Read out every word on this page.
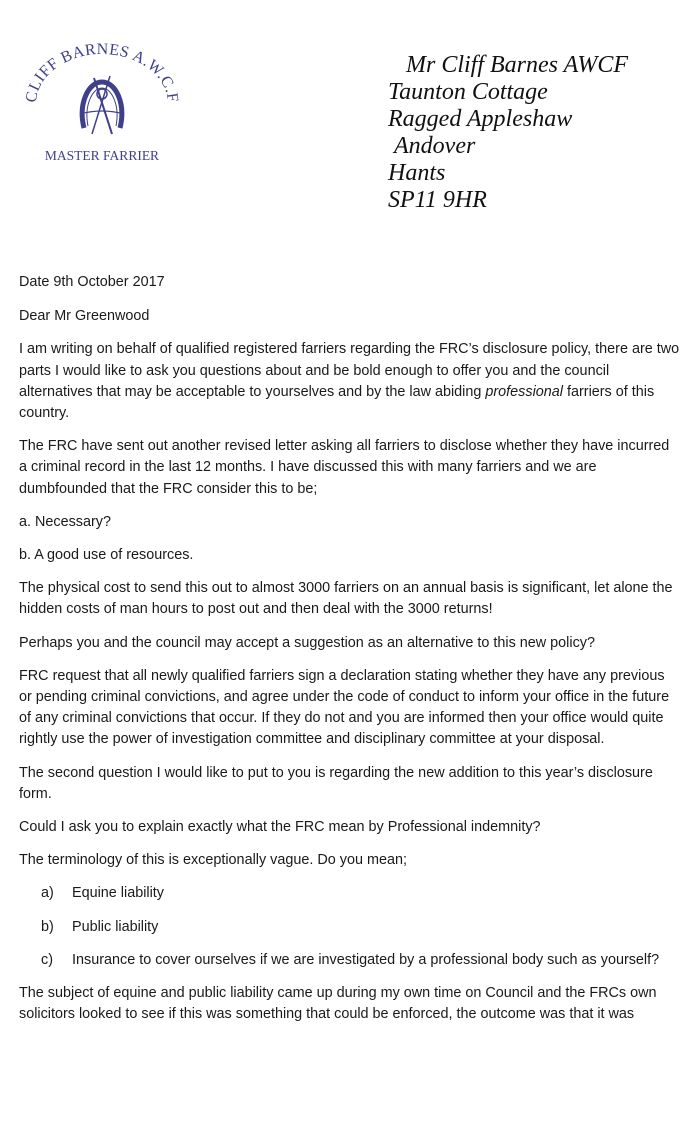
CLIFF BARNES A.W.C.F
MASTER FARRIER
Mr Cliff Barnes AWCF
Taunton Cottage
Ragged Appleshaw
Andover
Hants
SP11 9HR

Date 9th October 2017

Dear Mr Greenwood

I am writing on behalf of qualified registered farriers regarding the FRC’s disclosure policy, there are two parts I would like to ask you questions about and be bold enough to offer you and the council alternatives that may be acceptable to yourselves and by the law abiding professional farriers of this country.

The FRC have sent out another revised letter asking all farriers to disclose whether they have incurred a criminal record in the last 12 months. I have discussed this with many farriers and we are dumbfounded that the FRC consider this to be;

a. Necessary?

b. A good use of resources.

The physical cost to send this out to almost 3000 farriers on an annual basis is significant, let alone the hidden costs of man hours to post out and then deal with the 3000 returns!

Perhaps you and the council may accept a suggestion as an alternative to this new policy?

FRC request that all newly qualified farriers sign a declaration stating whether they have any previous or pending criminal convictions, and agree under the code of conduct to inform your office in the future of any criminal convictions that occur. If they do not and you are informed then your office would quite rightly use the power of investigation committee and disciplinary committee at your disposal.

The second question I would like to put to you is regarding the new addition to this year’s disclosure form.

Could I ask you to explain exactly what the FRC mean by Professional indemnity?

The terminology of this is exceptionally vague. Do you mean;

a)	Equine liability
b)	Public liability
c)	Insurance to cover ourselves if we are investigated by a professional body such as yourself?

The subject of equine and public liability came up during my own time on Council and the FRCs own solicitors looked to see if this was something that could be enforced, the outcome was that it was
